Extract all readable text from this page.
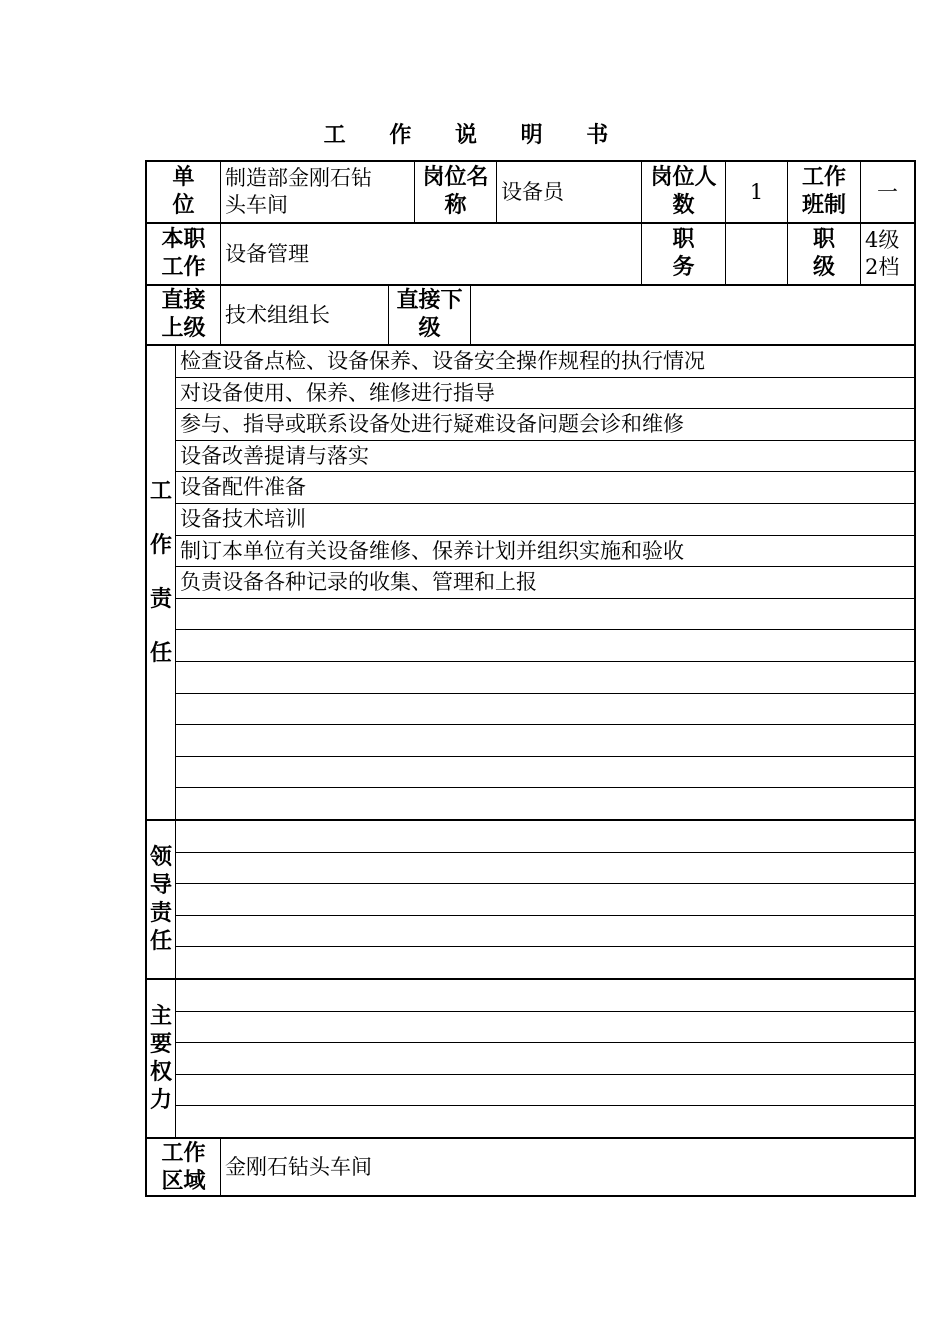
工 作 说 明 书
单
位
制造部金刚石钻
头车间
岗位名
称
设备员
岗位人
数
1
工作
班制
一
本职
工作
设备管理
职
务
职
级
4级
2档
直接
上级
技术组组长
直接下
级
工
作
责
任
检查设备点检、设备保养、设备安全操作规程的执行情况
对设备使用、保养、维修进行指导
参与、指导或联系设备处进行疑难设备问题会诊和维修
设备改善提请与落实
设备配件准备
设备技术培训
制订本单位有关设备维修、保养计划并组织实施和验收
负责设备各种记录的收集、管理和上报
领
导
责
任
主
要
权
力
工作
区域
金刚石钻头车间
